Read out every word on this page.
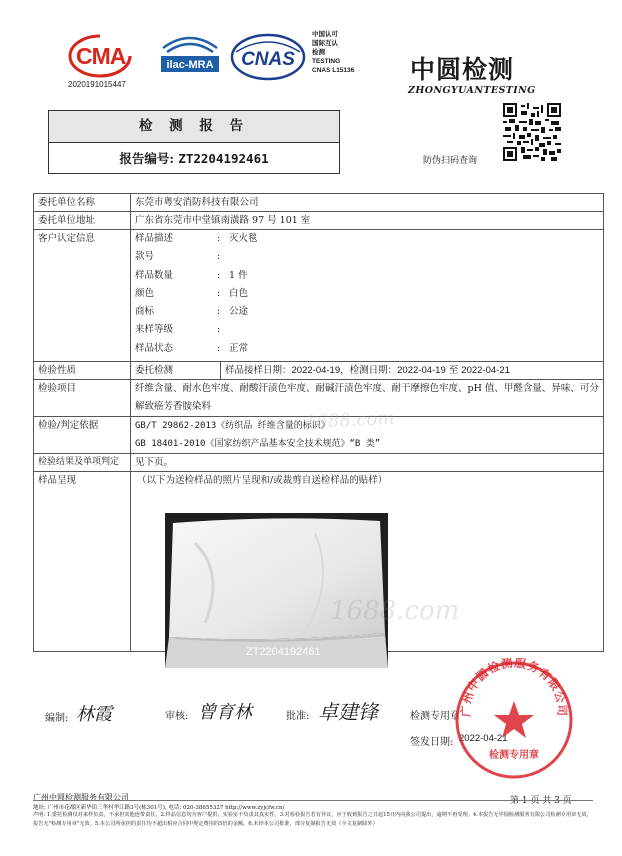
CMA
2020191015447
ilac-MRA CNAS
中国认可
国际互认
检测
TESTING
CNAS L15136 中圆检测
ZHONGYUANTESTING
检 测 报 告
报告编号: ZT2204192461	防伪扫码查询
委托单位名称	东莞市粤安消防科技有限公司
委托单位地址	广东省东莞市中堂镇南潢路 97 号 101 室
客户认定信息		样品描述	:	灭火毯
款号	:	
样品数量	:	1 件
颜色	:	白色
商标	:	公途
来样等级	:	
样品状态	:	正常

检验性质	委托检测	样品接样日期：2022-04-19，检测日期：2022-04-19 至 2022-04-21

检验项目	纤维含量、耐水色牢度、耐酸汗渍色牢度、耐碱汗渍色牢度、耐干摩擦色牢度、pH 值、甲醛含量、异味、可分解致癌芳香胺染料
检验/判定依据	GB/T 29862-2013《纺织品 纤维含量的标识》
GB 18401-2010《国家纺织产品基本安全技术规范》“B 类”

检验结果及单项判定	见下页。
样品呈现	（以下为送检样品的照片呈现和/或裁剪自送检样品的贴样）
1688.com
ZT2204192461
1688.com
编制: 林霞	审核: 曾育林	批准: 卓建锋	检测专用章
签发日期: 2022-04-21
广州中圆检测服务有限公司
检测专用章
广州中圆检测服务有限公司	第 1 页 共 3 页
地址: 广州市花都区新华街三华村华江路3号(栋301号), 电话: 020-38655327 http://www.zyjcfw.cn/
声明: 1.委托检测仅对来样负责，不承担其他连带责任。2.样品信息均为客户提供，实验室不负责其真实性。3.对检验报告若有异议，应于收到报告之日起15日内向我公司提出，逾期不再受理。4.本报告无中圆检测服务有限公司检测专用章无效，报告无"检测专用章"无效。5.本公司所承担的责任均不超出相应合同中规定费用的5倍的金额。6.未经本公司批准，部分复制报告无效（全文复制除外）
